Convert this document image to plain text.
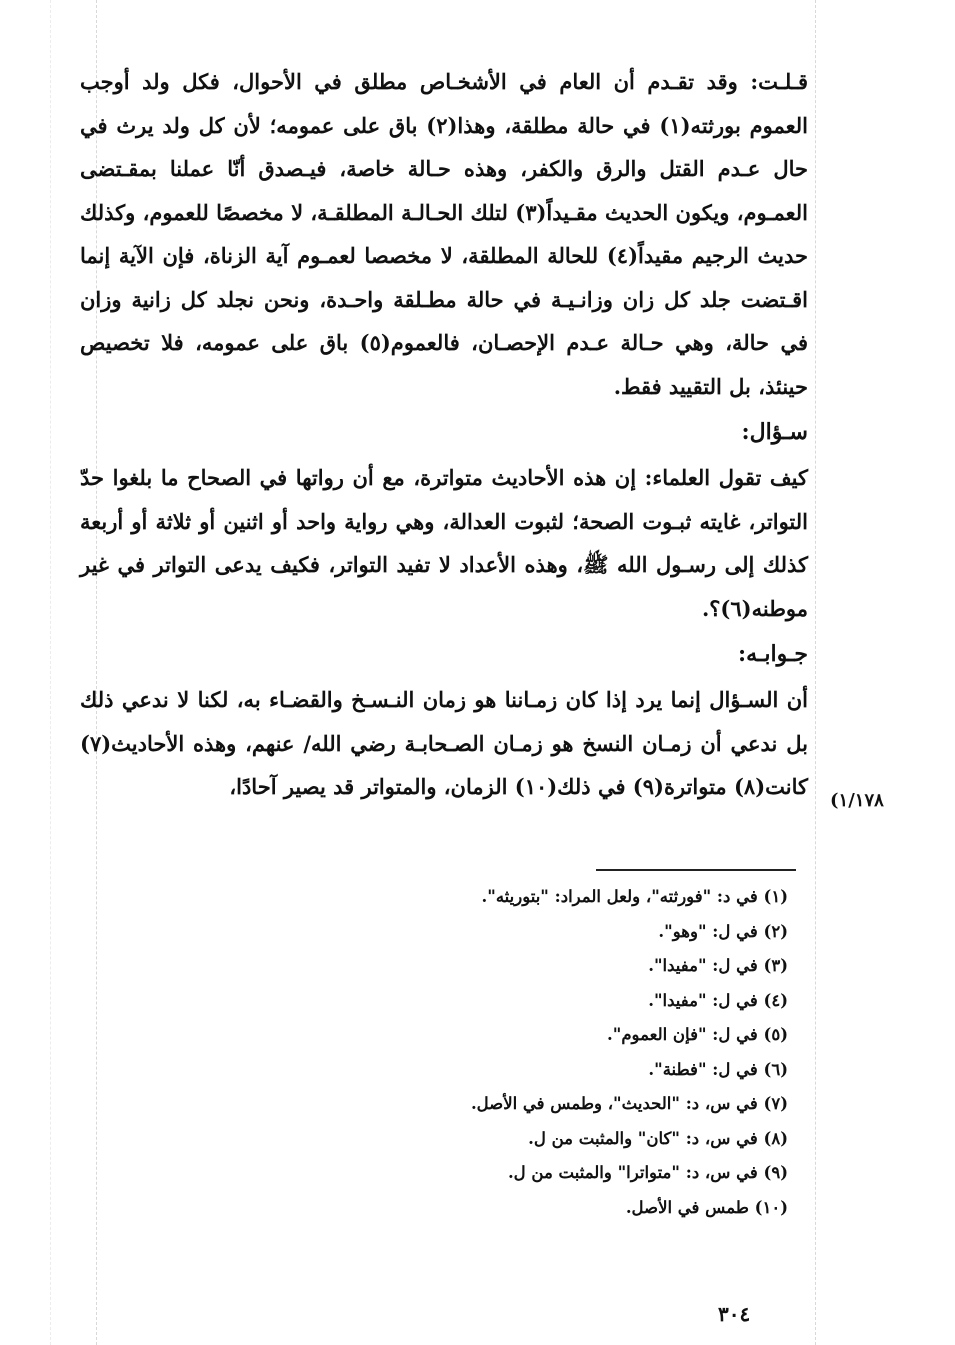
قـلـت: وقد تقـدم أن العام في الأشخـاص مطلق في الأحوال، فكل ولد أوجب العموم بورثته(١) في حالة مطلقة، وهذا(٢) باق على عمومه؛ لأن كل ولد يرث في حال عـدم القتل والرق والكفر، وهذه حـالة خاصة، فيـصدق أنّا عملنا بمقـتضى العمـوم، ويكون الحديث مقـيداً(٣) لتلك الحـالـة المطلقـة، لا مخصصًا للعموم، وكذلك حديث الرجيم مقيداً(٤) للحالة المطلقة، لا مخصصا لعمـوم آية الزناة، فإن الآية إنما اقـتضت جلد كل زان وزانـيـة في حالة مطـلقة واحـدة، ونحن نجلد كل زانية وزان في حالة، وهي حـالة عـدم الإحصـان، فالعموم(٥) باق على عمومه، فلا تخصيص حينئذ، بل التقييد فقط.

سـؤال:

كيف تقول العلماء: إن هذه الأحاديث متواترة، مع أن رواتها في الصحاح ما بلغوا حدّ التواتر، غايته ثبـوت الصحة؛ لثبوت العدالة، وهي رواية واحد أو اثنين أو ثلاثة أو أربعة كذلك إلى رسـول الله ﷺ، وهذه الأعداد لا تفيد التواتر، فكيف يدعى التواتر في غير موطنه(٦)؟.

جـوابـه:

أن السـؤال إنما يرد إذا كان زمـاننا هو زمان النـسـخ والقضـاء به، لكنا لا ندعي ذلك بل ندعي أن زمـان النسخ هو زمـان الصـحابـة رضي الله/ عنهم، وهذه الأحاديث(٧) كانت(٨) متواترة(٩) في ذلك(١٠) الزمان، والمتواتر قد يصير آحادًا،

(١/١٧٨
(١) في د: "فورثته"، ولعل المراد: "بتوريثه".
(٢) في ل: "وهو".
(٣) في ل: "مفيدا".
(٤) في ل: "مفيدا".
(٥) في ل: "فإن العموم".
(٦) في ل: "فطنة".
(٧) في س، د: "الحديث"، وطمس في الأصل.
(٨) في س، د: "كان" والمثبت من ل.
(٩) في س، د: "متواترا" والمثبت من ل.
(١٠) طمس في الأصل.
٣٠٤
